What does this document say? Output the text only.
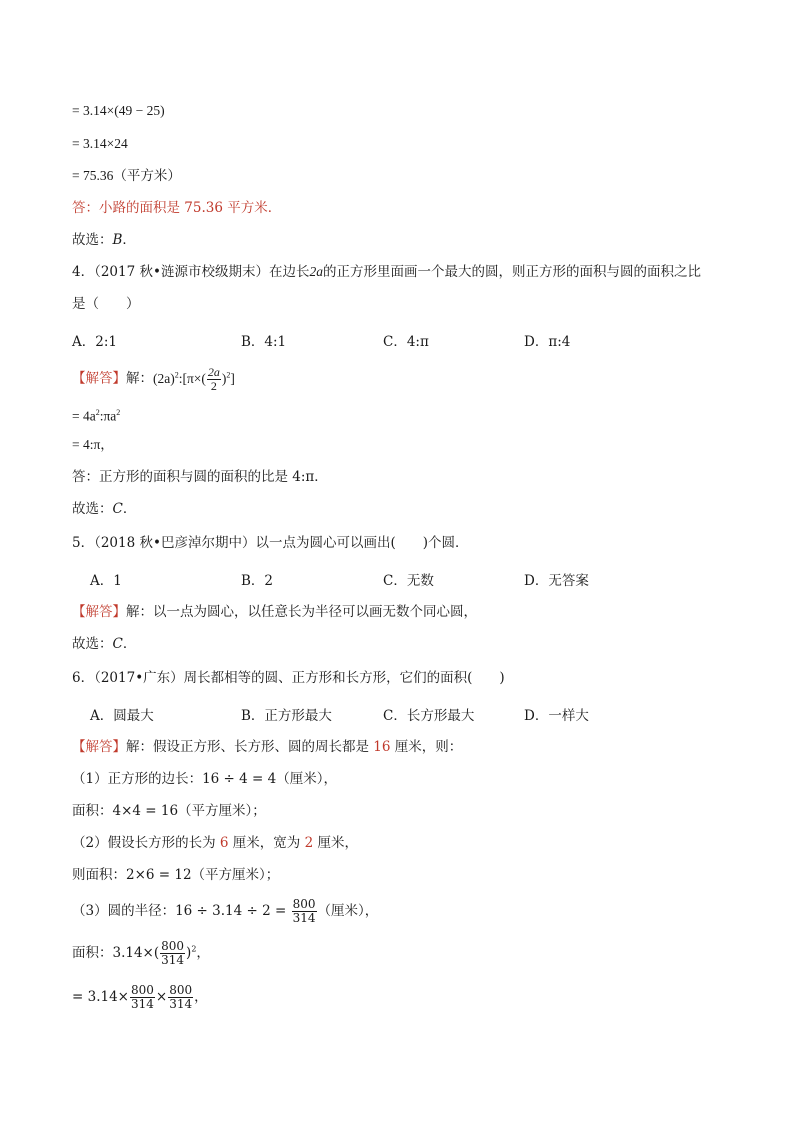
= 3.14×(49 − 25)
= 3.14×24
= 75.36（平方米）
答：小路的面积是 75.36 平方米．
故选：B．
4．（2017 秋•涟源市校级期末）在边长2a的正方形里面画一个最大的圆，则正方形的面积与圆的面积之比
是（　　）
A．2:1	B．4:1	C．4:π	D．π:4
【解答】解：$(2a)^2:[\pi\times( \frac{2a}{2} )^2]$
= $4a^2:\pi a^2$
= 4:π，
答：正方形的面积与圆的面积的比是 4:π．
故选：C．
5．（2018 秋•巴彦淖尔期中）以一点为圆心可以画出(　　)个圆．
A．1	B．2	C．无数	D．无答案
【解答】解：以一点为圆心，以任意长为半径可以画无数个同心圆，
故选：C．
6．（2017•广东）周长都相等的圆、正方形和长方形，它们的面积(　　)
A．圆最大	B．正方形最大	C．长方形最大	D．一样大
【解答】解：假设正方形、长方形、圆的周长都是 16 厘米，则：
（1）正方形的边长：16 ÷ 4 = 4（厘米），
面积：4×4 = 16（平方厘米）；
（2）假设长方形的长为 6 厘米，宽为 2 厘米，
则面积：2×6 = 12（平方厘米）；
（3）圆的半径：$16 \div 3.14 \div 2 = \frac{800}{314}$ （厘米），
面积：$3.14\times( \frac{800}{314} )^2$，
= $3.14\times \frac{800}{314} \times \frac{800}{314}$ ，
